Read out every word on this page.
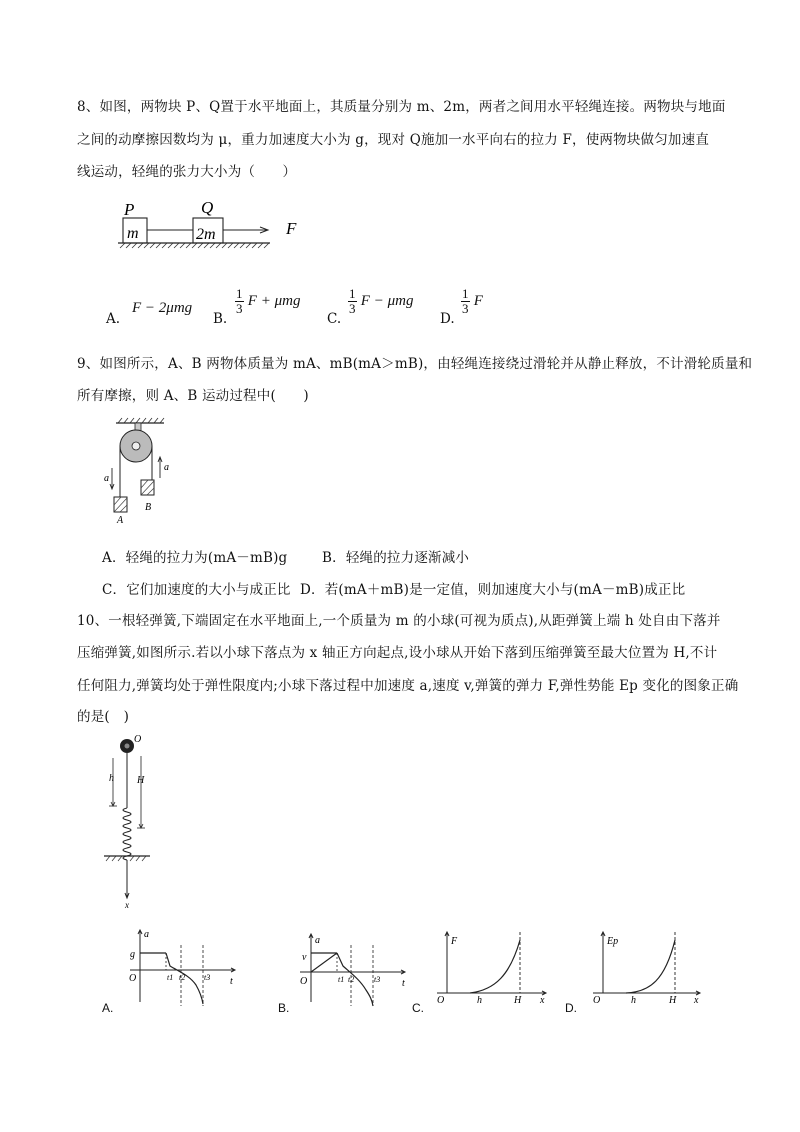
8、如图，两物块 P、Q置于水平地面上，其质量分别为 m、2m，两者之间用水平轻绳连接。两物块与地面
之间的动摩擦因数均为 μ，重力加速度大小为 g，现对 Q施加一水平向右的拉力 F，使两物块做匀加速直
线运动，轻绳的张力大小为（　　）
P	Q
m	2m	F
A.
F − 2μmg
B.
$\frac{1}{3}$ F + μmg
C.
$\frac{1}{3}$ F − μmg
D.
$\frac{1}{3}$ F
9、如图所示，A、B 两物体质量为 mA、mB(mA＞mB)，由轻绳连接绕过滑轮并从静止释放，不计滑轮质量和
所有摩擦，则 A、B 运动过程中(　　)
a
a
A
B
A．轻绳的拉力为(mA－mB)g	B．轻绳的拉力逐渐减小
C．它们加速度的大小与成正比 D．若(mA＋mB)是一定值，则加速度大小与(mA－mB)成正比
10、一根轻弹簧,下端固定在水平地面上,一个质量为 m 的小球(可视为质点),从距弹簧上端 h 处自由下落并
压缩弹簧,如图所示.若以小球下落点为 x 轴正方向起点,设小球从开始下落到压缩弹簧至最大位置为 H,不计
任何阻力,弹簧均处于弹性限度内;小球下落过程中加速度 a,速度 v,弹簧的弹力 F,弹性势能 Ep 变化的图象正确
的是(　)
O
h H
x
A.
a
g
O	t1 t2 t3 t
B.
a
v
O	t1 t2 t3 t
C.
F
O	h	H x
D.
Ep
O	h	H x
